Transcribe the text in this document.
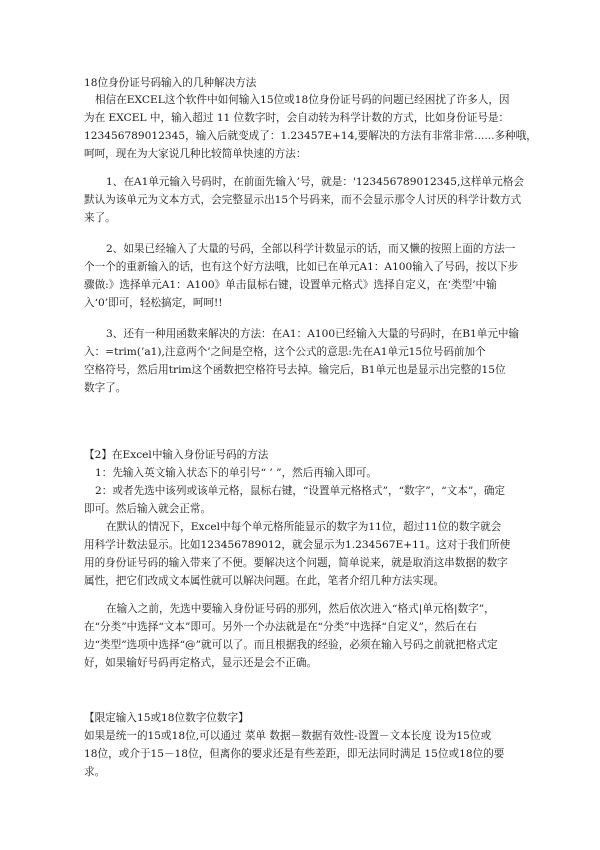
18位身份证号码输入的几种解决方法
相信在EXCEL这个软件中如何输入15位或18位身份证号码的问题已经困扰了许多人，因
为在 EXCEL 中，输入超过 11 位数字时，会自动转为科学计数的方式，比如身份证号是：
123456789012345，输入后就变成了：1.23457E+14,要解决的方法有非常非常......多种哦，
呵呵，现在为大家说几种比较简单快速的方法：
1、在A1单元输入号码时，在前面先输入’号，就是：'123456789012345,这样单元格会
默认为该单元为文本方式，会完整显示出15个号码来，而不会显示那令人讨厌的科学计数方式
来了。
2、如果已经输入了大量的号码，全部以科学计数显示的话，而又懒的按照上面的方法一
个一个的重新输入的话，也有这个好方法哦，比如已在单元A1：A100输入了号码，按以下步
骤做:》选择单元A1：A100》单击鼠标右键，设置单元格式》选择自定义，在‘类型’中输
入‘0’即可，轻松搞定，呵呵!!
3、还有一种用函数来解决的方法：在A1：A100已经输入大量的号码时，在B1单元中输
入：=trim(’a1),注意两个’之间是空格，这个公式的意思:先在A1单元15位号码前加个
空格符号，然后用trim这个函数把空格符号去掉。输完后，B1单元也是显示出完整的15位
数字了。
【2】在Excel中输入身份证号码的方法
1：先输入英文输入状态下的单引号“ ’ ”，然后再输入即可。
2：或者先选中该列或该单元格，鼠标右键，“设置单元格格式”，“数字”，“文本”，确定
即可。然后输入就会正常。
在默认的情况下，Excel中每个单元格所能显示的数字为11位，超过11位的数字就会
用科学计数法显示。比如123456789012，就会显示为1.234567E+11。这对于我们所使
用的身份证号码的输入带来了不便。要解决这个问题，简单说来，就是取消这串数据的数字
属性，把它们改成文本属性就可以解决问题。在此，笔者介绍几种方法实现。
在输入之前，先选中要输入身份证号码的那列，然后依次进入“格式|单元格|数字”，
在“分类”中选择“文本”即可。另外一个办法就是在“分类”中选择“自定义”，然后在右
边“类型”选项中选择“@”就可以了。而且根据我的经验，必须在输入号码之前就把格式定
好，如果输好号码再定格式，显示还是会不正确。
【限定输入15或18位数字位数字】
如果是统一的15或18位,可以通过 菜单 数据－数据有效性-设置－文本长度 设为15位或
18位，或介于15－18位，但离你的要求还是有些差距，即无法同时满足 15位或18位的要
求。
